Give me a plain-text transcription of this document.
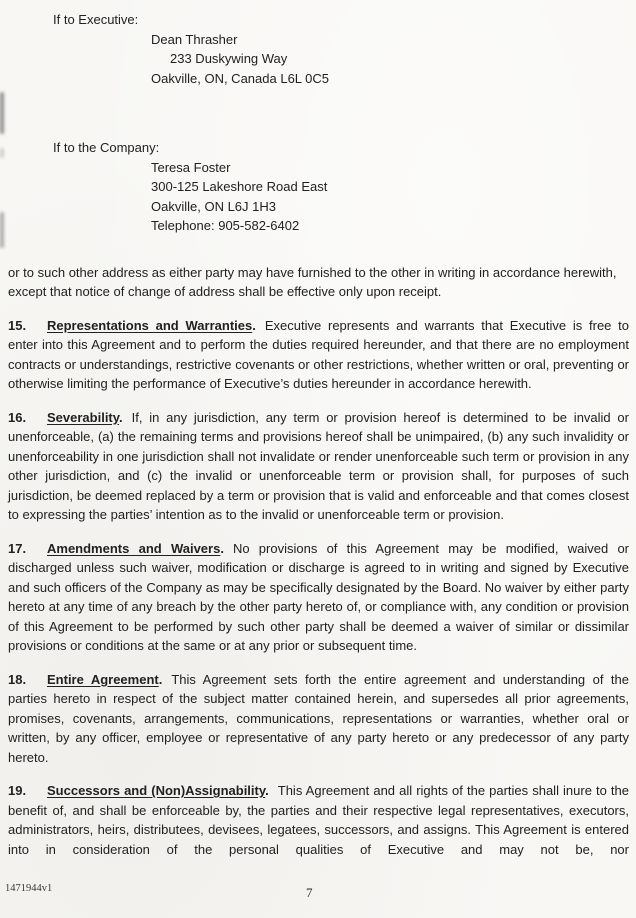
If to Executive:
Dean Thrasher
233 Duskywing Way
Oakville, ON, Canada L6L 0C5
If to the Company:
Teresa Foster
300-125 Lakeshore Road East
Oakville, ON L6J 1H3
Telephone: 905-582-6402

or to such other address as either party may have furnished to the other in writing in accordance herewith, except that notice of change of address shall be effective only upon receipt.

15. Representations and Warranties. Executive represents and warrants that Executive is free to enter into this Agreement and to perform the duties required hereunder, and that there are no employment contracts or understandings, restrictive covenants or other restrictions, whether written or oral, preventing or otherwise limiting the performance of Executive’s duties hereunder in accordance herewith.

16. Severability. If, in any jurisdiction, any term or provision hereof is determined to be invalid or unenforceable, (a) the remaining terms and provisions hereof shall be unimpaired, (b) any such invalidity or unenforceability in one jurisdiction shall not invalidate or render unenforceable such term or provision in any other jurisdiction, and (c) the invalid or unenforceable term or provision shall, for purposes of such jurisdiction, be deemed replaced by a term or provision that is valid and enforceable and that comes closest to expressing the parties’ intention as to the invalid or unenforceable term or provision.

17. Amendments and Waivers. No provisions of this Agreement may be modified, waived or discharged unless such waiver, modification or discharge is agreed to in writing and signed by Executive and such officers of the Company as may be specifically designated by the Board. No waiver by either party hereto at any time of any breach by the other party hereto of, or compliance with, any condition or provision of this Agreement to be performed by such other party shall be deemed a waiver of similar or dissimilar provisions or conditions at the same or at any prior or subsequent time.

18. Entire Agreement. This Agreement sets forth the entire agreement and understanding of the parties hereto in respect of the subject matter contained herein, and supersedes all prior agreements, promises, covenants, arrangements, communications, representations or warranties, whether oral or written, by any officer, employee or representative of any party hereto or any predecessor of any party hereto.

19. Successors and (Non)Assignability. This Agreement and all rights of the parties shall inure to the benefit of, and shall be enforceable by, the parties and their respective legal representatives, executors, administrators, heirs, distributees, devisees, legatees, successors, and assigns. This Agreement is entered into in consideration of the personal qualities of Executive and may not be, nor

1471944v1	7
